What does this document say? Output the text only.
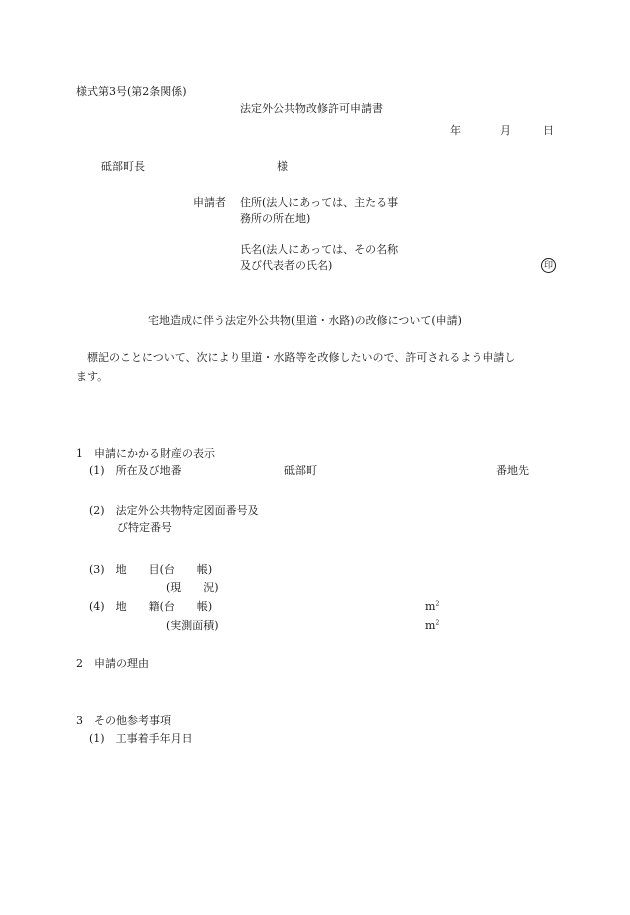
様式第3号(第2条関係)
法定外公共物改修許可申請書
年	月	日
砥部町長	様
申請者 住所(法人にあっては、主たる事
務所の所在地)
氏名(法人にあっては、その名称
及び代表者の氏名)	印
宅地造成に伴う法定外公共物(里道・水路)の改修について(申請)
標記のことについて、次により里道・水路等を改修したいので、許可されるよう申請し
ます。
1　申請にかかる財産の表示
(1)　所在及び地番	砥部町	番地先
(2)　法定外公共物特定図面番号及
び特定番号
(3)　地　　目(台　　帳)
(現　　況)
(4)　地　　籍(台　　帳)	$m^2$
(実測面積)	$m^2$
2　申請の理由
3　その他参考事項
(1)　工事着手年月日
